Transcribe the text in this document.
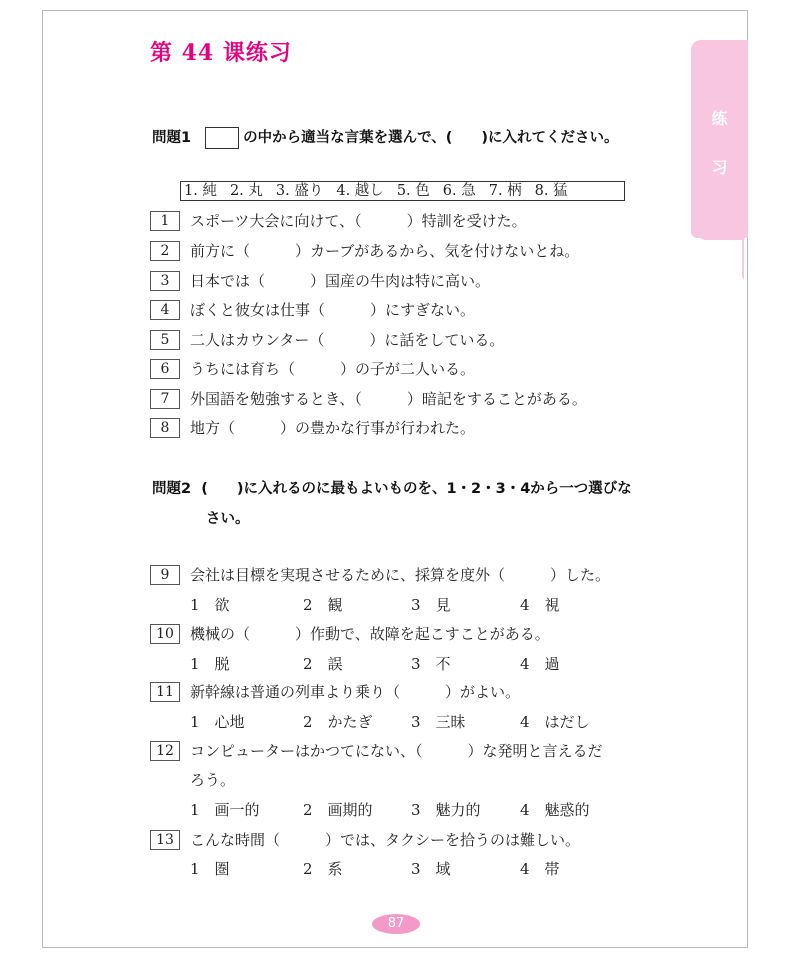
第 44 课练习
练
习
問題1	の中から適当な言葉を選んで、(　　)に入れてください。
1. 純 2. 丸 3. 盛り 4. 越し 5. 色 6. 急 7. 柄 8. 猛
1 スポーツ大会に向けて、（　　　）特訓を受けた。
2 前方に（　　　）カーブがあるから、気を付けないとね。
3 日本では（　　　）国産の牛肉は特に高い。
4 ぼくと彼女は仕事（　　　）にすぎない。
5 二人はカウンター（　　　）に話をしている。
6 うちには育ち（　　　）の子が二人いる。
7 外国語を勉強するとき、（　　　）暗記をすることがある。
8 地方（　　　）の豊かな行事が行われた。
問題2 (　　)に入れるのに最もよいものを、1・2・3・4から一つ選びな
さい。
9 会社は目標を実現させるために、採算を度外（　　　）した。
1　欲	2　観	3　見	4　視
10 機械の（　　　）作動で、故障を起こすことがある。
1　脱	2　誤	3　不	4　過
11 新幹線は普通の列車より乗り（　　　）がよい。
1　心地	2　かたぎ	3　三昧	4　はだし
12 コンピューターはかつてにない、（　　　）な発明と言えるだ
ろう。
1　画一的	2　画期的	3　魅力的	4　魅惑的
13 こんな時間（　　　）では、タクシーを拾うのは難しい。
1　圏	2　系	3　域	4　帯
87
